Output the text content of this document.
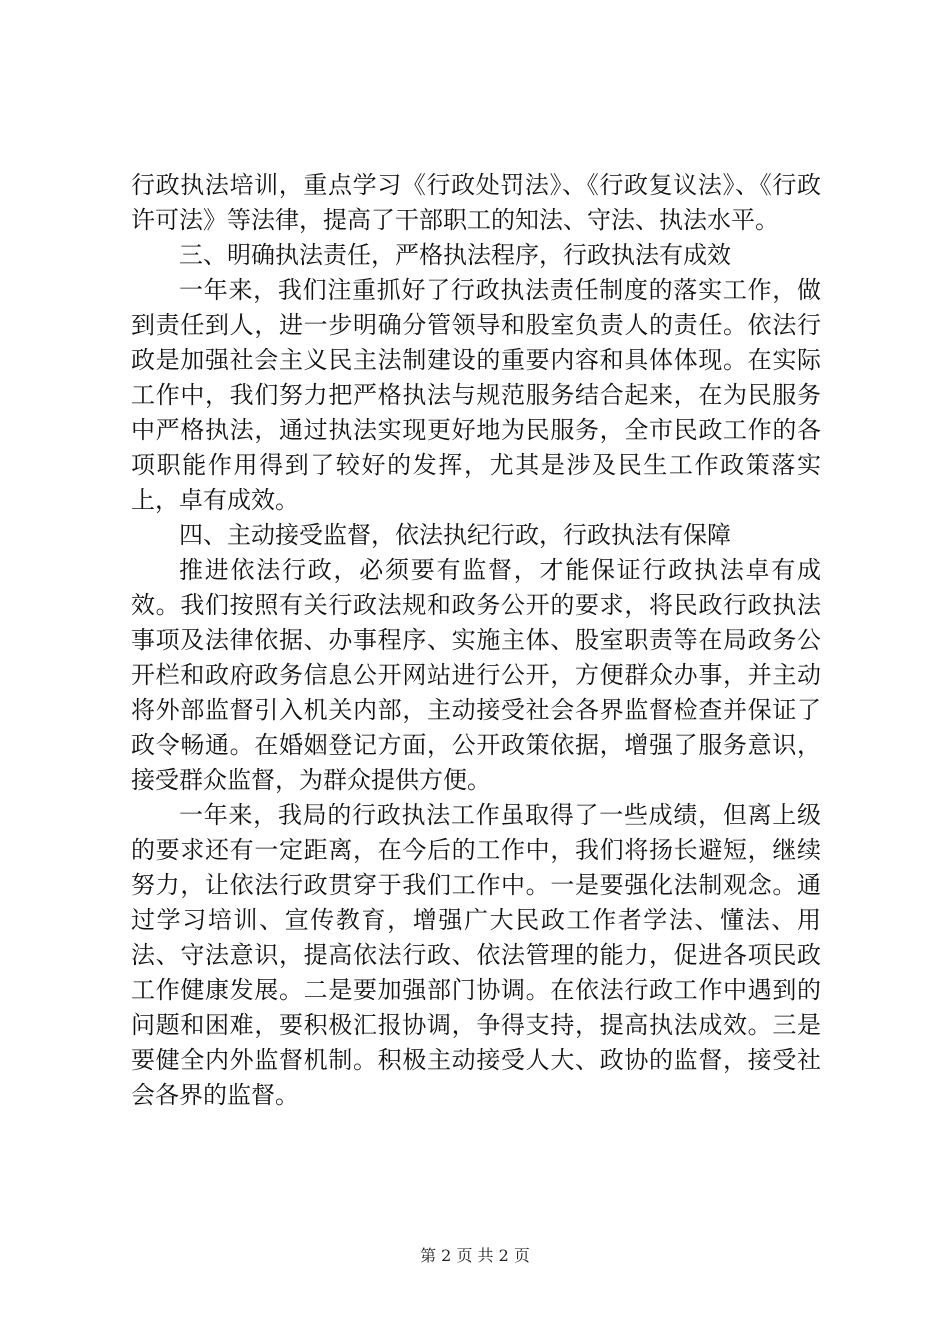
行政执法培训，重点学习《行政处罚法》、《行政复议法》、《行政许可法》等法律，提高了干部职工的知法、守法、执法水平。

三、明确执法责任，严格执法程序，行政执法有成效

一年来，我们注重抓好了行政执法责任制度的落实工作，做到责任到人，进一步明确分管领导和股室负责人的责任。依法行政是加强社会主义民主法制建设的重要内容和具体体现。在实际工作中，我们努力把严格执法与规范服务结合起来，在为民服务中严格执法，通过执法实现更好地为民服务，全市民政工作的各项职能作用得到了较好的发挥，尤其是涉及民生工作政策落实上，卓有成效。

四、主动接受监督，依法执纪行政，行政执法有保障

推进依法行政，必须要有监督，才能保证行政执法卓有成效。我们按照有关行政法规和政务公开的要求，将民政行政执法事项及法律依据、办事程序、实施主体、股室职责等在局政务公开栏和政府政务信息公开网站进行公开，方便群众办事，并主动将外部监督引入机关内部，主动接受社会各界监督检查并保证了政令畅通。在婚姻登记方面，公开政策依据，增强了服务意识，接受群众监督，为群众提供方便。

一年来，我局的行政执法工作虽取得了一些成绩，但离上级的要求还有一定距离，在今后的工作中，我们将扬长避短，继续努力，让依法行政贯穿于我们工作中。一是要强化法制观念。通过学习培训、宣传教育，增强广大民政工作者学法、懂法、用法、守法意识，提高依法行政、依法管理的能力，促进各项民政工作健康发展。二是要加强部门协调。在依法行政工作中遇到的问题和困难，要积极汇报协调，争得支持，提高执法成效。三是要健全内外监督机制。积极主动接受人大、政协的监督，接受社会各界的监督。

第 2 页 共 2 页
